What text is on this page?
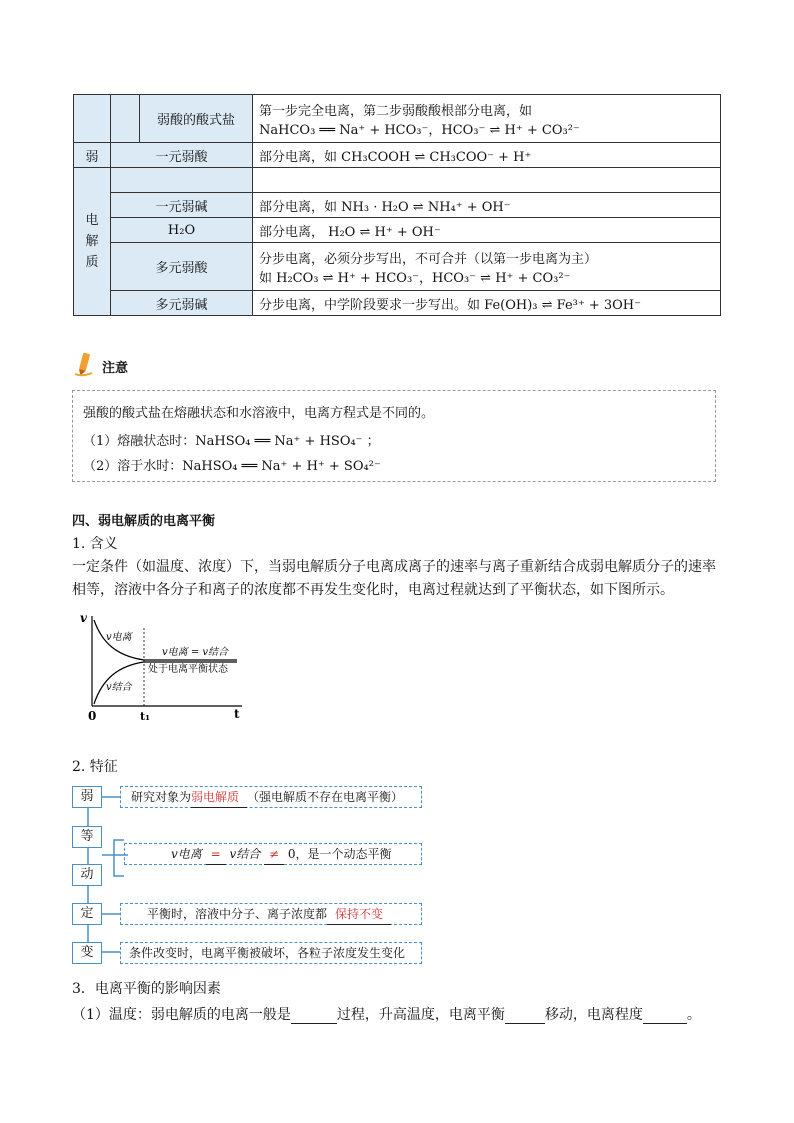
		弱酸的酸式盐	第一步完全电离，第二步弱酸酸根部分电离，如
NaHCO₃ ══ Na⁺ + HCO₃⁻，HCO₃⁻ ⇌ H⁺ + CO₃²⁻

弱	一元弱酸		部分电离，如 CH₃COOH ⇌ CH₃COO⁻ + H⁺

电
解
质			

	一元弱碱		部分电离，如 NH₃ · H₂O ⇌ NH₄⁺ + OH⁻
	H₂O		部分电离， H₂O ⇌ H⁺ + OH⁻
	多元弱酸		分步电离，必须分步写出，不可合并（以第一步电离为主）
如 H₂CO₃ ⇌ H⁺ + HCO₃⁻，HCO₃⁻ ⇌ H⁺ + CO₃²⁻

	多元弱碱		分步电离，中学阶段要求一步写出。如 Fe(OH)₃ ⇌ Fe³⁺ + 3OH⁻
注意
强酸的酸式盐在熔融状态和水溶液中，电离方程式是不同的。
（1）熔融状态时：NaHSO₄ ══ Na⁺ + HSO₄⁻ ；
（2）溶于水时：NaHSO₄ ══ Na⁺ + H⁺ + SO₄²⁻
四、弱电解质的电离平衡
1. 含义
一定条件（如温度、浓度）下，当弱电解质分子电离成离子的速率与离子重新结合成弱电解质分子的速率
相等，溶液中各分子和离子的浓度都不再发生变化时，电离过程就达到了平衡状态，如下图所示。
v
t
0	t₁
v电离
v结合
v电离 = v结合
处于电离平衡状态
2. 特征
弱
等
动
定
变
研究对象为弱电解质 （强电解质不存在电离平衡）
v电离 = v结合 ≠ 0，是一个动态平衡
平衡时，溶液中分子、离子浓度都 保持不变
条件改变时，电离平衡被破坏，各粒子浓度发生变化
3．电离平衡的影响因素
（1）温度：弱电解质的电离一般是	过程，升高温度，电离平衡	移动，电离程度	。
